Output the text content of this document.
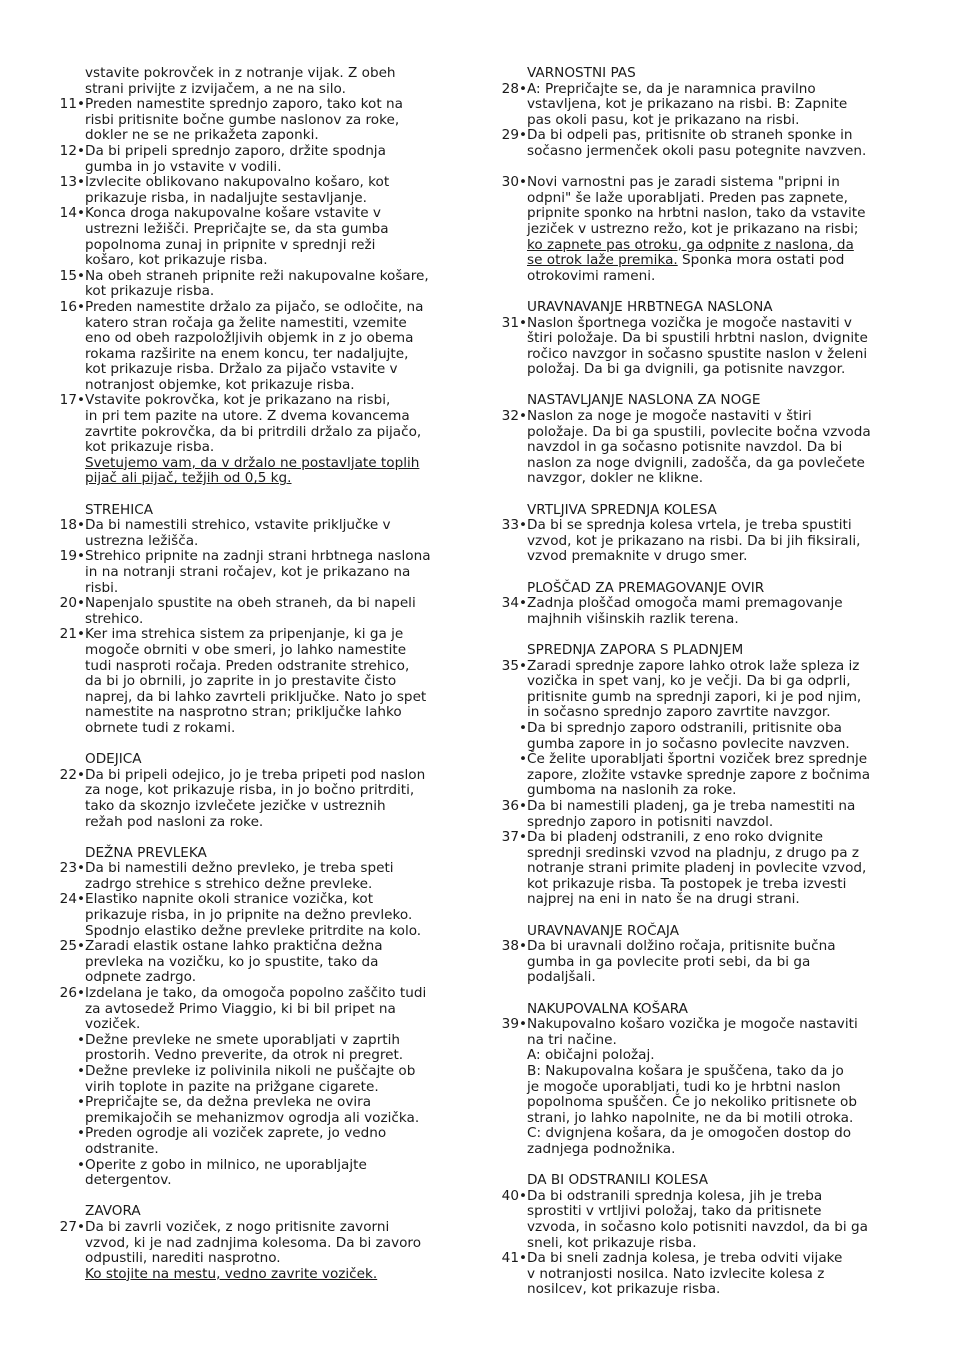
vstavite pokrovček in z notranje vijak. Z obeh
strani privijte z izvijačem, a ne na silo.
11• Preden namestite sprednjo zaporo, tako kot na
risbi pritisnite bočne gumbe naslonov za roke,
dokler ne se ne prikažeta zaponki.
12• Da bi pripeli sprednjo zaporo, držite spodnja
gumba in jo vstavite v vodili.
13• Izvlecite oblikovano nakupovalno košaro, kot
prikazuje risba, in nadaljujte sestavljanje.
14• Konca droga nakupovalne košare vstavite v
ustrezni ležišči. Prepričajte se, da sta gumba
popolnoma zunaj in pripnite v sprednji reži
košaro, kot prikazuje risba.
15• Na obeh straneh pripnite reži nakupovalne košare,
kot prikazuje risba.
16• Preden namestite držalo za pijačo, se odločite, na
katero stran ročaja ga želite namestiti, vzemite
eno od obeh razpoložljivih objemk in z jo obema
rokama razširite na enem koncu, ter nadaljujte,
kot prikazuje risba. Držalo za pijačo vstavite v
notranjost objemke, kot prikazuje risba.
17• Vstavite pokrovčka, kot je prikazano na risbi,
in pri tem pazite na utore. Z dvema kovancema
zavrtite pokrovčka, da bi pritrdili držalo za pijačo,
kot prikazuje risba.
Svetujemo vam, da v držalo ne postavljate toplih
pijač ali pijač, težjih od 0,5 kg.
STREHICA
18• Da bi namestili strehico, vstavite priključke v
ustrezna ležišča.
19• Strehico pripnite na zadnji strani hrbtnega naslona
in na notranji strani ročajev, kot je prikazano na
risbi.
20• Napenjalo spustite na obeh straneh, da bi napeli
strehico.
21• Ker ima strehica sistem za pripenjanje, ki ga je
mogoče obrniti v obe smeri, jo lahko namestite
tudi nasproti ročaja. Preden odstranite strehico,
da bi jo obrnili, jo zaprite in jo prestavite čisto
naprej, da bi lahko zavrteli priključke. Nato jo spet
namestite na nasprotno stran; priključke lahko
obrnete tudi z rokami.
ODEJICA
22• Da bi pripeli odejico, jo je treba pripeti pod naslon
za noge, kot prikazuje risba, in jo bočno pritrditi,
tako da skoznjo izvlečete jezičke v ustreznih
režah pod nasloni za roke.
DEŽNA PREVLEKA
23• Da bi namestili dežno prevleko, je treba speti
zadrgo strehice s strehico dežne prevleke.
24• Elastiko napnite okoli stranice vozička, kot
prikazuje risba, in jo pripnite na dežno prevleko.
Spodnjo elastiko dežne prevleke pritrdite na kolo.
25• Zaradi elastik ostane lahko praktična dežna
prevleka na vozičku, ko jo spustite, tako da
odpnete zadrgo.
26• Izdelana je tako, da omogoča popolno zaščito tudi
za avtosedež Primo Viaggio, ki bi bil pripet na
voziček.
• Dežne prevleke ne smete uporabljati v zaprtih
prostorih. Vedno preverite, da otrok ni pregret.
• Dežne prevleke iz polivinila nikoli ne puščajte ob
virih toplote in pazite na prižgane cigarete.
• Prepričajte se, da dežna prevleka ne ovira
premikajočih se mehanizmov ogrodja ali vozička.
• Preden ogrodje ali voziček zaprete, jo vedno
odstranite.
• Operite z gobo in milnico, ne uporabljajte
detergentov.
ZAVORA
27• Da bi zavrli voziček, z nogo pritisnite zavorni
vzvod, ki je nad zadnjima kolesoma. Da bi zavoro
odpustili, narediti nasprotno.
Ko stojite na mestu, vedno zavrite voziček.
VARNOSTNI PAS
28• A: Prepričajte se, da je naramnica pravilno
vstavljena, kot je prikazano na risbi. B: Zapnite
pas okoli pasu, kot je prikazano na risbi.
29• Da bi odpeli pas, pritisnite ob straneh sponke in
sočasno jermenček okoli pasu potegnite navzven.

30• Novi varnostni pas je zaradi sistema "pripni in
odpni" še laže uporabljati. Preden pas zapnete,
pripnite sponko na hrbtni naslon, tako da vstavite
jeziček v ustrezno režo, kot je prikazano na risbi;
ko zapnete pas otroku, ga odpnite z naslona, da
se otrok laže premika. Sponka mora ostati pod
otrokovimi rameni.

URAVNAVANJE HRBTNEGA NASLONA
31• Naslon športnega vozička je mogoče nastaviti v
štiri položaje. Da bi spustili hrbtni naslon, dvignite
ročico navzgor in sočasno spustite naslon v želeni
položaj. Da bi ga dvignili, ga potisnite navzgor.
NASTAVLJANJE NASLONA ZA NOGE
32• Naslon za noge je mogoče nastaviti v štiri
položaje. Da bi ga spustili, povlecite bočna vzvoda
navzdol in ga sočasno potisnite navzdol. Da bi
naslon za noge dvignili, zadošča, da ga povlečete
navzgor, dokler ne klikne.
VRTLJIVA SPREDNJA KOLESA
33• Da bi se sprednja kolesa vrtela, je treba spustiti
vzvod, kot je prikazano na risbi. Da bi jih fiksirali,
vzvod premaknite v drugo smer.
PLOŠČAD ZA PREMAGOVANJE OVIR
34• Zadnja ploščad omogoča mami premagovanje
majhnih višinskih razlik terena.
SPREDNJA ZAPORA S PLADNJEM
35• Zaradi sprednje zapore lahko otrok laže spleza iz
vozička in spet vanj, ko je večji. Da bi ga odprli,
pritisnite gumb na sprednji zapori, ki je pod njim,
in sočasno sprednjo zaporo zavrtite navzgor.
• Da bi sprednjo zaporo odstranili, pritisnite oba
gumba zapore in jo sočasno povlecite navzven.
• Če želite uporabljati športni voziček brez sprednje
zapore, zložite vstavke sprednje zapore z bočnima
gumboma na naslonih za roke.
36• Da bi namestili pladenj, ga je treba namestiti na
sprednjo zaporo in potisniti navzdol.
37• Da bi pladenj odstranili, z eno roko dvignite
sprednji sredinski vzvod na pladnju, z drugo pa z
notranje strani primite pladenj in povlecite vzvod,
kot prikazuje risba. Ta postopek je treba izvesti
najprej na eni in nato še na drugi strani.
URAVNAVANJE ROČAJA
38• Da bi uravnali dolžino ročaja, pritisnite bučna
gumba in ga povlecite proti sebi, da bi ga
podaljšali.
NAKUPOVALNA KOŠARA
39• Nakupovalno košaro vozička je mogoče nastaviti
na tri načine.
A: običajni položaj.
B: Nakupovalna košara je spuščena, tako da jo
je mogoče uporabljati, tudi ko je hrbtni naslon
popolnoma spuščen. Če jo nekoliko pritisnete ob
strani, jo lahko napolnite, ne da bi motili otroka.
C: dvignjena košara, da je omogočen dostop do
zadnjega podnožnika.
DA BI ODSTRANILI KOLESA
40• Da bi odstranili sprednja kolesa, jih je treba
sprostiti v vrtljivi položaj, tako da pritisnete
vzvoda, in sočasno kolo potisniti navzdol, da bi ga
sneli, kot prikazuje risba.
41• Da bi sneli zadnja kolesa, je treba odviti vijake
v notranjosti nosilca. Nato izvlecite kolesa z
nosilcev, kot prikazuje risba.
